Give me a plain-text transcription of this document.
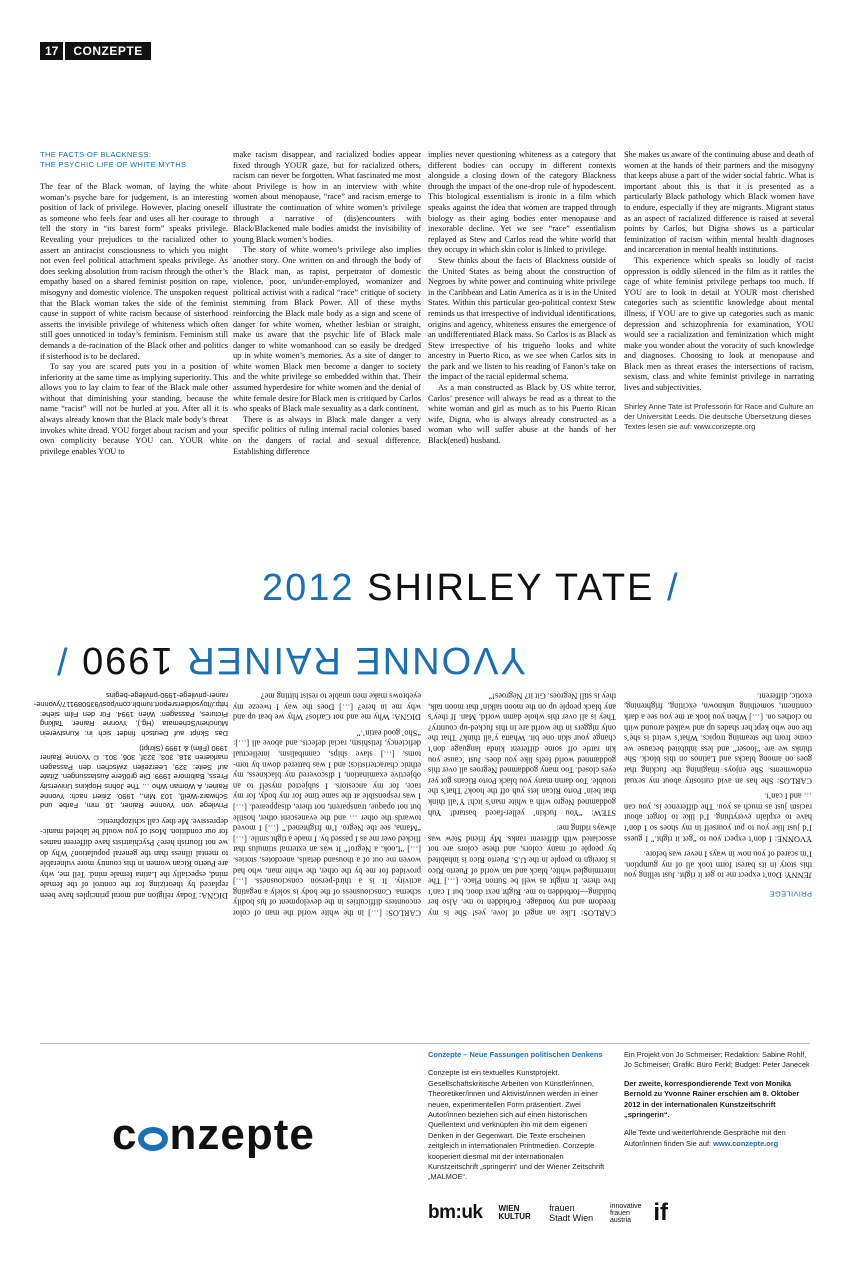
17	CONZEPTE
THE FACTS OF BLACKNESS:
THE PSYCHIC LIFE OF WHITE MYTHS

The fear of the Black woman, of laying the white woman’s psyche bare for judgement, is an interesting position of lack of privilege. However, placing oneself as someone who feels fear and uses all her courage to tell the story in “its barest form” speaks privilege. Revealing your prejudices to the racialized other to assert an antiracist consciousness to which you might not even feel political attachment speaks privilege. As does seeking absolution from racism through the other’s empathy based on a shared feminist position on rape, misogyny and domestic violence. The unspoken request that the Black woman takes the side of the feminist cause in support of white racism because of sisterhood asserts the invisible privilege of whiteness which often still goes unnoticed in today’s feminism. Feminism still demands a de-racination of the Black other and politics if sisterhood is to be declared.

To say you are scared puts you in a position of inferiority at the same time as implying superiority. This allows you to lay claim to fear of the Black male other without that diminishing your standing, because the name “racist” will not be hurled at you. After all it is always already known that the Black male body’s threat invokes white dread. YOU forget about racism and your own complicity because YOU can. YOUR white privilege enables YOU to

make racism disappear, and racialized bodies appear fixed through YOUR gaze, but for racialized others, racism can never be forgotten. What fascinated me most about Privilege is how in an interview with white women about menopause, “race” and racism emerge to illustrate the continuation of white women’s privilege through a narrative of (dis)encounters with Black/Blackened male bodies amidst the invisibility of young Black women’s bodies.

The story of white women’s privilege also implies another story. One written on and through the body of the Black man, as rapist, perpetrator of domestic violence, poor, un/under-employed, womanizer and political activist with a radical “race” critique of society stemming from Black Power. All of these myths reinforcing the Black male body as a sign and scene of danger for white women, whether lesbian or straight, make us aware that the psychic life of Black male danger to white womanhood can so easily be dredged up in white women’s memories. As a site of danger to white women Black men become a danger to society and the white privilege so embedded within that. Their assumed hyperdesire for white women and the denial of white female desire for Black men is critiqued by Carlos who speaks of Black male sexuality as a dark continent.

There is as always in Black male danger a very specific politics of ruling internal racial colonies based on the dangers of racial and sexual difference. Establishing difference

implies never questioning whiteness as a category that different bodies can occupy in different contexts alongside a closing down of the category Blackness through the impact of the one-drop rule of hypodescent. This biological essentialism is ironic in a film which speaks against the idea that women are trapped through biology as their aging bodies enter menopause and inexorable decline. Yet we see “race” essentialism replayed as Stew and Carlos read the white world that they occupy in which skin color is linked to privilege.

Stew thinks about the facts of Blackness outside of the United States as being about the construction of Negroes by white power and continuing white privilege in the Caribbean and Latin America as it is in the United States. Within this particular geo-political context Stew reminds us that irrespective of individual identifications, origins and agency, whiteness ensures the emergence of an undifferentiated Black mass. So Carlos is as Black as Stew irrespective of his trigueño looks and white ancestry in Puerto Rico, as we see when Carlos sits in the park and we listen to his reading of Fanon’s take on the impact of the racial epidermal schema.

As a man constructed as Black by US white terror, Carlos’ presence will always be read as a threat to the white woman and girl as much as to his Puerto Rican wife, Digna, who is always already constructed as a woman who will suffer abuse at the hands of her Black(ened) husband.

She makes us aware of the continuing abuse and death of women at the hands of their partners and the misogyny that keeps abuse a part of the wider social fabric. What is important about this is that it is presented as a particularly Black pathology which Black women have to endure, especially if they are migrants. Migrant status as an aspect of racialized difference is raised at several points by Carlos, but Digna shows us a particular feminization of racism within mental health diagnoses and incarceration in mental health institutions.

This experience which speaks so loudly of racist oppression is oddly silenced in the film as it rattles the cage of white feminist privilege perhaps too much. If YOU are to look in detail at YOUR most cherished categories such as scientific knowledge about mental illness, if YOU are to give up categories such as manic depression and schizophrenia for examination, YOU would see a racialization and feminization which might make you wonder about the voracity of such knowledge and diagnoses. Choosing to look at menopause and Black men as threat erases the intersections of racism, sexism, class and white feminist privilege in narrating lives and subjectivities.

Shirley Anne Tate ist Professorin für Race and Culture an der Universität Leeds. Die deutsche Übersetzung dieses Textes lesen sie auf: www.conzepte.org

2012 SHIRLEY TATE /
YVONNE RAINER 1990 /
PRIVILEGE

JENNY: Don’t expect me to get it right. Just telling you this story in its barest form took all of my gumption. I’m scared of you now in ways I never was before.

YVONNE: I don’t expect you to “get it right.” I guess I’d just like you to put yourself in my shoes so I don’t have to explain everything. I’d like to forget about racism just as much as you. The difference is, you can … and I can’t.

CARLOS: She has an avid curiosity about my sexual endowments. She enjoys imagining the fucking that goes on among blacks and Latinos on this block. She thinks we are “looser” and less inhibited because we come from the steaming tropics. What’s weird is she’s the one who kept her shades up and walked around with no clothes on. […] When you look at me you see a dark continent, something unknown, exciting, frightening, exotic, different.

CARLOS: Like an angel of love, yes! She is my freedom and my bondage. Forbidden to me. Also her building—forbidden to me. Right next door, but I can’t live there. It might as well be Sutton Place. […] The intermingled white, black and tan world of Puerto Rico is foreign to people in the U.S. Puerto Rico is inhabited by people of many colors, and these colors are not associated with different ranks. My friend Stew was always riding me:

STEW: “You fuckin’ yeller-faced bastard! Yuh goddamned Negro with a white man’s itch! Y’all think that bein’ Porto Rican lets yuh off the hook? That’s the trouble. Too damn many you black Porto Ricans got yer eyes closed. Too many goddamned Negroes all over this goddamned world feels like you does. Just ’cause you kin rattle off some different kinda language don’t change your skin one bit. Whatta y’all think? That the only niggers in the world are in this fucked-up country? They is all over this whole damn world, Man. If they’s any black people up on the moon talkin’ that moon talk, they is still Negroes. Git it? Negroes!”

CARLOS: […] in the white world the man of color encounters difficulties in the development of his bodily schema. Consciousness of the body is solely a negating activity. It is a third-person consciousness. […] provided for me by the other, the white man, who had woven me out of a thousand details, anecdotes, stories. […] “Look, a Negro!” It was an external stimulus that flicked over me as I passed by. I made a tight smile. […] “Mama, see the Negro. I’m frightened.” […] I moved towards the other … and the evanescent other, hostile but not opaque, transparent, not there, disappeared. […] I was responsible at the same time for my body, for my race, for my ancestors. I subjected myself to an objective examination, I discovered my blackness, my ethnic characteristics; and I was battered down by tom-toms, […] slave ships, cannibalism, intellectual deficiency, fetishism, racial defects, and above all […]: “Sho’ good eatin’.”

DIGNA: Why me and not Carlos? Why we beat up and why me in here? […] Does the way I tweeze my eyebrows make men unable to resist hitting me?

DIGNA: Today religion and moral principles have been replaced by theorizing for the control of the female mind, especially the Latina female mind. Tell me, why are Puerto Rican women in this country more vulnerable to mental illness than the general population? Why do we not flourish here? Psychiatrists have different names for our condition. Most of you would be labeled manic-depressive. Me they call schizophrenic.

Privilege von Yvonne Rainer, 16 mm, Farbe und Schwarz-Weiß, 103 Min., 1990. Zitiert nach: Yvonne Rainer, A Woman Who … The Johns Hopkins University Press, Baltimore 1999. Die größere Auslassungen. Zitate auf Seite: 329, Leerzeilen zwischen den Passagen markieren 318, 303, 323f, 306, 301. © Yvonne Rainer 1990 (Film) & 1999 (Skript)

Das Skript auf Deutsch findet sich in: Kunstverein München/Schemata (Hg.), Yvonne Rainer. Talking Pictures, Passagen: Wien 1994. Für den Film siehe: http://toysoldiersreport.tumblr.com/post/935089117/yvonne-rainer-privilege-1990-privilege-begins

c nzepte
Conzepte – Neue Fassungen politischen Denkens
Conzepte ist ein textuelles Kunstprojekt. Gesellschaftskritische Arbeiten von Künstler/innen, Theoretiker/innen und Aktivist/innen werden in einer neuen, experimentellen Form präsentiert. Zwei Autor/innen beziehen sich auf einen historischen Quellentext und verknüpfen ihn mit dem eigenen Denken in der Gegenwart. Die Texte erscheinen zeitgleich in internationalen Printmedien. Conzepte kooperiert diesmal mit der internationalen Kunstzeitschrift „springerin“ und der Wiener Zeitschrift „MALMOE“.

Ein Projekt von Jo Schmeiser; Redaktion: Sabine Rohlf, Jo Schmeiser; Grafik: Büro Ferkl; Budget: Peter Janecek

Der zweite, korrespondierende Text von Monika Bernold zu Yvonne Rainer erschien am 8. Oktober 2012 in der internationalen Kunstzeitschrift „springerin“.

Alle Texte und weiterführende Gespräche mit den Autor/innen finden Sie auf: www.conzepte.org

bm:uk WIEN KULTUR
frauen Stadt Wien
innovative frauen austria if
